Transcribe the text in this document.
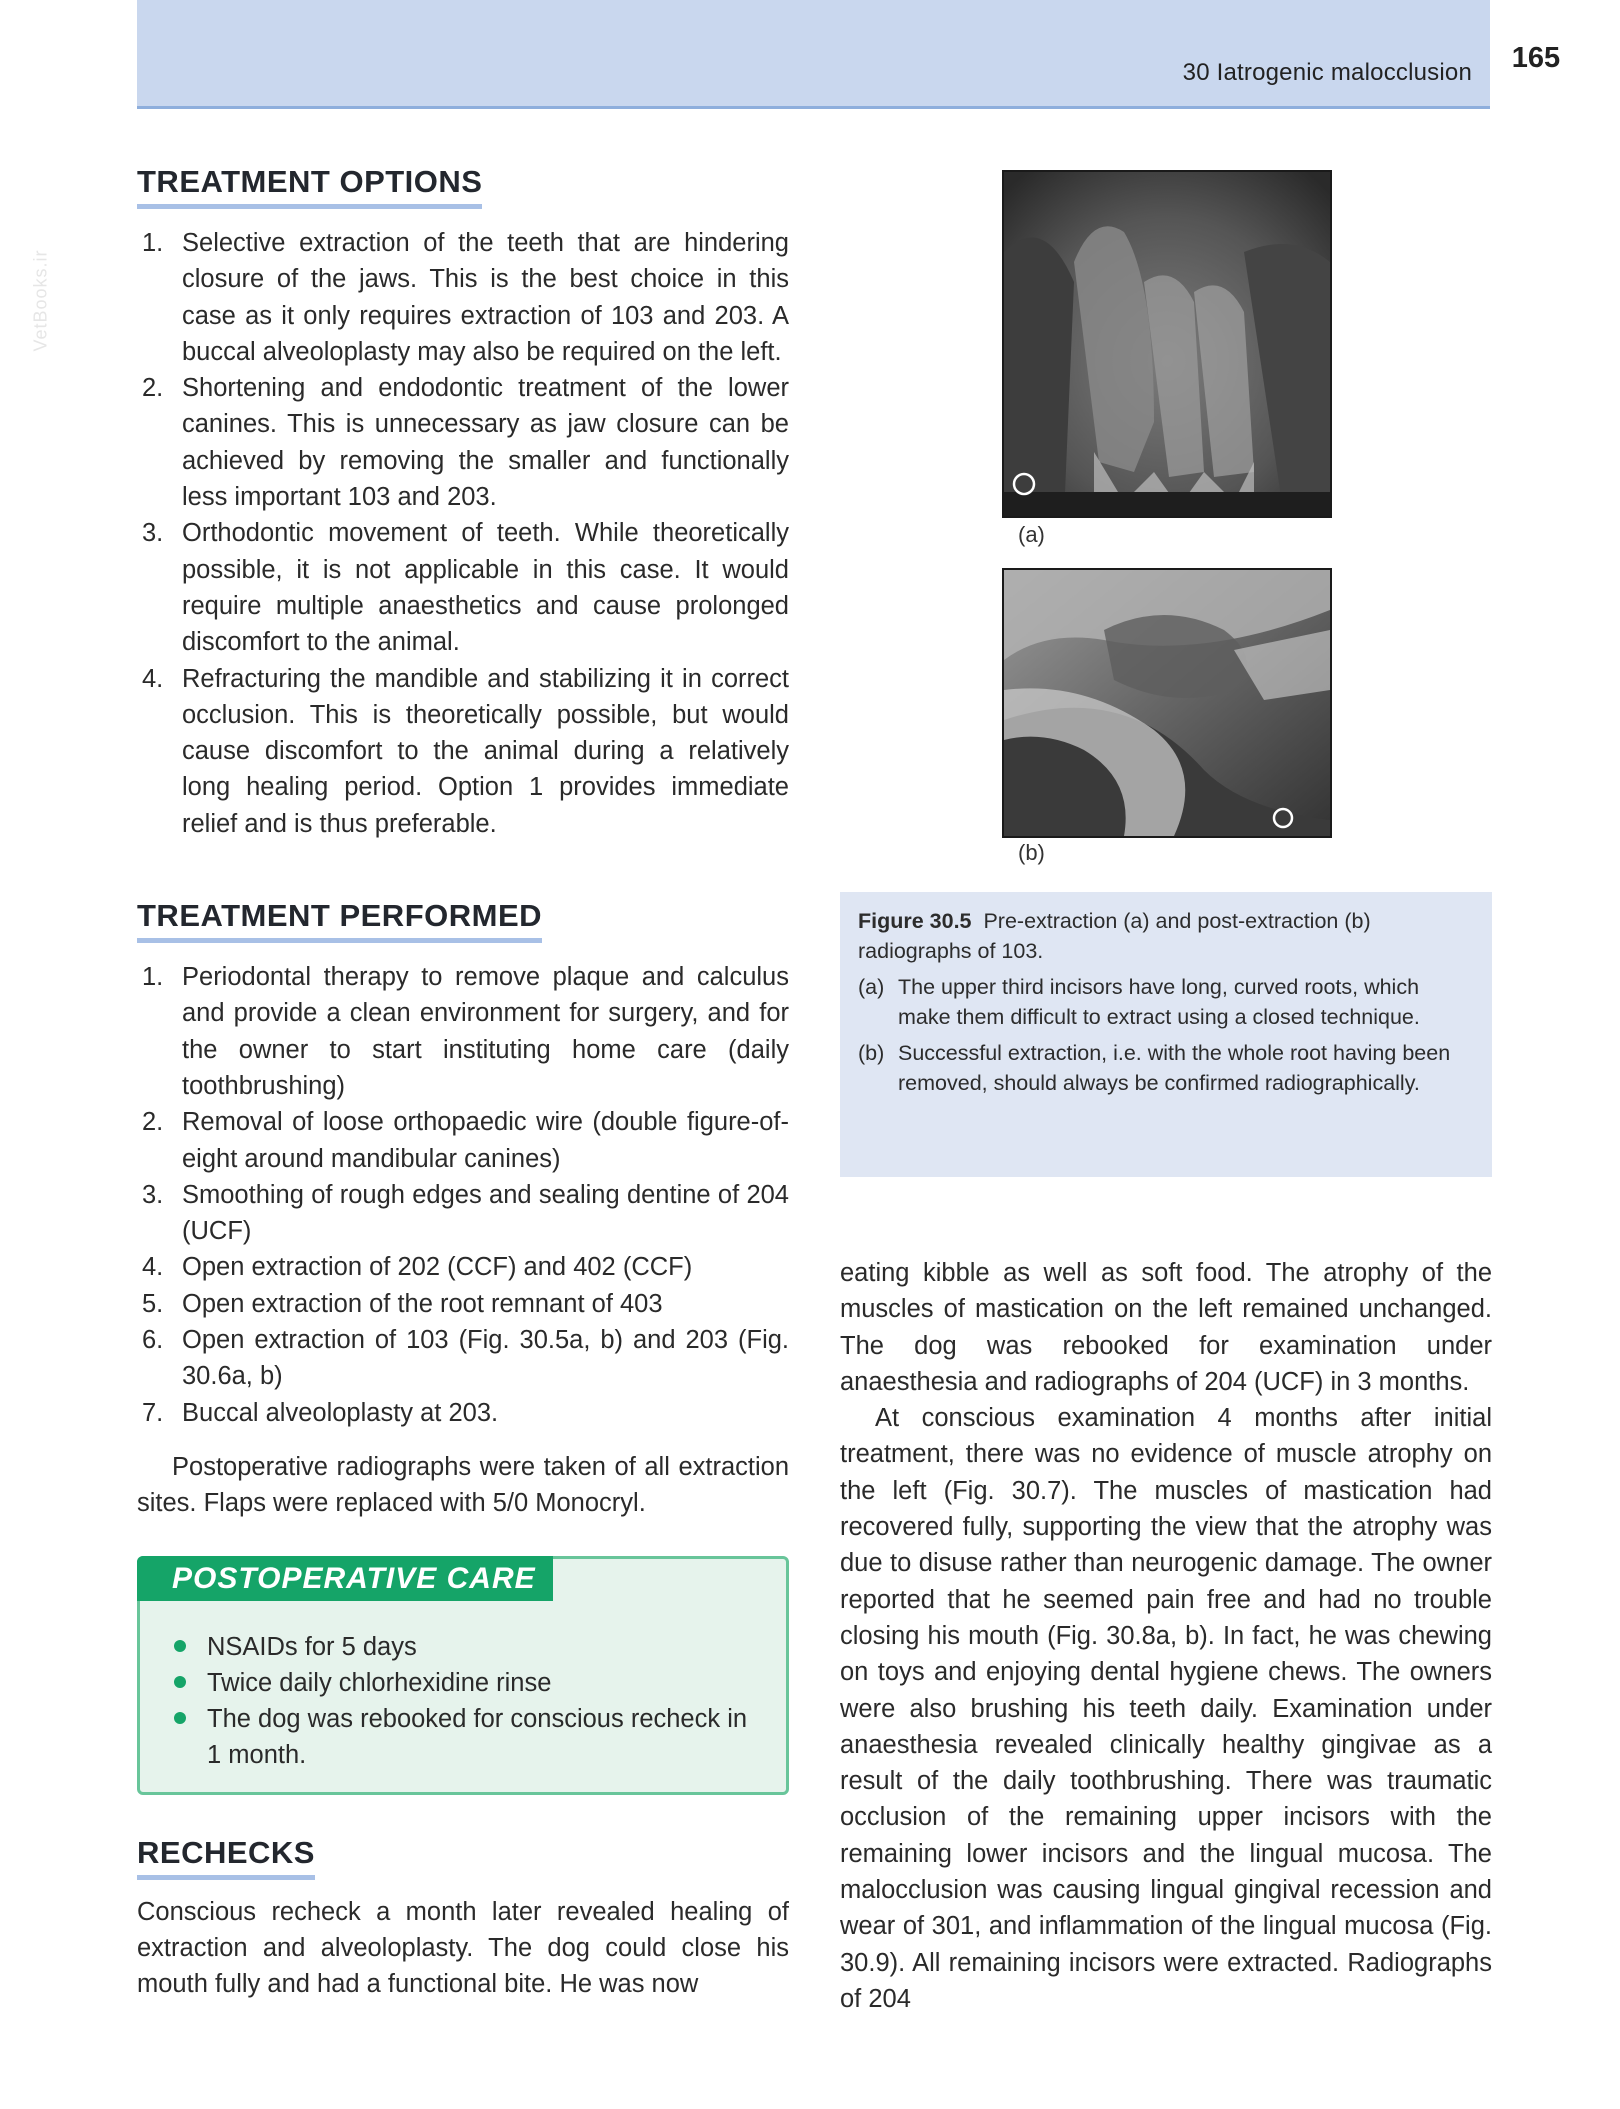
30 Iatrogenic malocclusion 165
VetBooks.ir
TREATMENT OPTIONS
1. Selective extraction of the teeth that are hindering closure of the jaws. This is the best choice in this case as it only requires extraction of 103 and 203. A buccal alveoloplasty may also be required on the left.
2. Shortening and endodontic treatment of the lower canines. This is unnecessary as jaw closure can be achieved by removing the smaller and functionally less important 103 and 203.
3. Orthodontic movement of teeth. While theoretically possible, it is not applicable in this case. It would require multiple anaesthetics and cause prolonged discomfort to the animal.
4. Refracturing the mandible and stabilizing it in correct occlusion. This is theoretically possible, but would cause discomfort to the animal during a relatively long healing period. Option 1 provides immediate relief and is thus preferable.
TREATMENT PERFORMED
1. Periodontal therapy to remove plaque and calculus and provide a clean environment for surgery, and for the owner to start instituting home care (daily toothbrushing)
2. Removal of loose orthopaedic wire (double figure-of-eight around mandibular canines)
3. Smoothing of rough edges and sealing dentine of 204 (UCF)
4. Open extraction of 202 (CCF) and 402 (CCF)
5. Open extraction of the root remnant of 403
6. Open extraction of 103 (Fig. 30.5a, b) and 203 (Fig. 30.6a, b)
7. Buccal alveoloplasty at 203.

Postoperative radiographs were taken of all extraction sites. Flaps were replaced with 5/0 Monocryl.

POSTOPERATIVE CARE
NSAIDs for 5 days
Twice daily chlorhexidine rinse
The dog was rebooked for conscious recheck in 1 month.
RECHECKS

Conscious recheck a month later revealed healing of extraction and alveoloplasty. The dog could close his mouth fully and had a functional bite. He was now

(a)
(b)
Figure 30.5 Pre-extraction (a) and post-extraction (b) radiographs of 103.
(a) The upper third incisors have long, curved roots, which make them difficult to extract using a closed technique.
(b) Successful extraction, i.e. with the whole root having been removed, should always be confirmed radiographically.

eating kibble as well as soft food. The atrophy of the muscles of mastication on the left remained unchanged. The dog was rebooked for examination under anaesthesia and radiographs of 204 (UCF) in 3 months.

At conscious examination 4 months after initial treatment, there was no evidence of muscle atrophy on the left (Fig. 30.7). The muscles of mastication had recovered fully, supporting the view that the atrophy was due to disuse rather than neurogenic damage. The owner reported that he seemed pain free and had no trouble closing his mouth (Fig. 30.8a, b). In fact, he was chewing on toys and enjoying dental hygiene chews. The owners were also brushing his teeth daily. Examination under anaesthesia revealed clinically healthy gingivae as a result of the daily toothbrushing. There was traumatic occlusion of the remaining upper incisors with the remaining lower incisors and the lingual mucosa. The malocclusion was causing lingual gingival recession and wear of 301, and inflammation of the lingual mucosa (Fig. 30.9). All remaining incisors were extracted. Radiographs of 204
